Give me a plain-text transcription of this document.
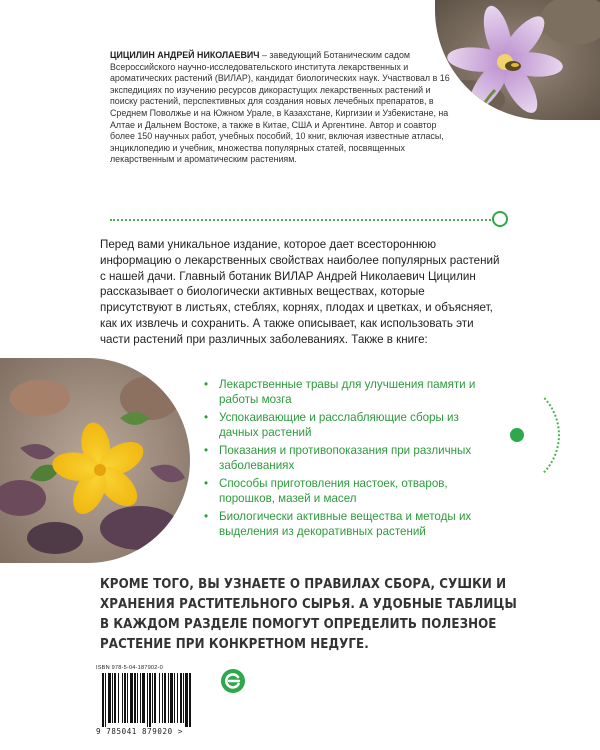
ЦИЦИЛИН АНДРЕЙ НИКОЛАЕВИЧ – заведующий Ботаническим садом Всероссийского научно-исследовательского института лекарственных и ароматических растений (ВИЛАР), кандидат биологических наук. Участвовал в 16 экспедициях по изучению ресурсов дикорастущих лекарственных растений и поиску растений, перспективных для создания новых лечебных препаратов, в Среднем Поволжье и на Южном Урале, в Казахстане, Киргизии и Узбекистане, на Алтае и Дальнем Востоке, а также в Китае, США и Аргентине. Автор и соавтор более 150 научных работ, учебных пособий, 10 книг, включая известные атласы, энциклопедию и учебник, множества популярных статей, посвященных лекарственным и ароматическим растениям.
Перед вами уникальное издание, которое дает всестороннюю информацию о лекарственных свойствах наиболее популярных растений с нашей дачи. Главный ботаник ВИЛАР Андрей Николаевич Цицилин рассказывает о биологически активных веществах, которые присутствуют в листьях, стеблях, корнях, плодах и цветках, и объясняет, как их извлечь и сохранить. А также описывает, как использовать эти части растений при различных заболеваниях. Также в книге:
• Лекарственные травы для улучшения памяти и работы мозга
• Успокаивающие и расслабляющие сборы из дачных растений
• Показания и противопоказания при различных заболеваниях
• Способы приготовления настоек, отваров, порошков, мазей и масел
• Биологически активные вещества и методы их выделения из декоративных растений
КРОМЕ ТОГО, ВЫ УЗНАЕТЕ О ПРАВИЛАХ СБОРА, СУШКИ И ХРАНЕНИЯ РАСТИТЕЛЬНОГО СЫРЬЯ. А УДОБНЫЕ ТАБЛИЦЫ В КАЖДОМ РАЗДЕЛЕ ПОМОГУТ ОПРЕДЕЛИТЬ ПОЛЕЗНОЕ РАСТЕНИЕ ПРИ КОНКРЕТНОМ НЕДУГЕ.
ISBN 978-5-04-187902-0
9 785041 879020 >
